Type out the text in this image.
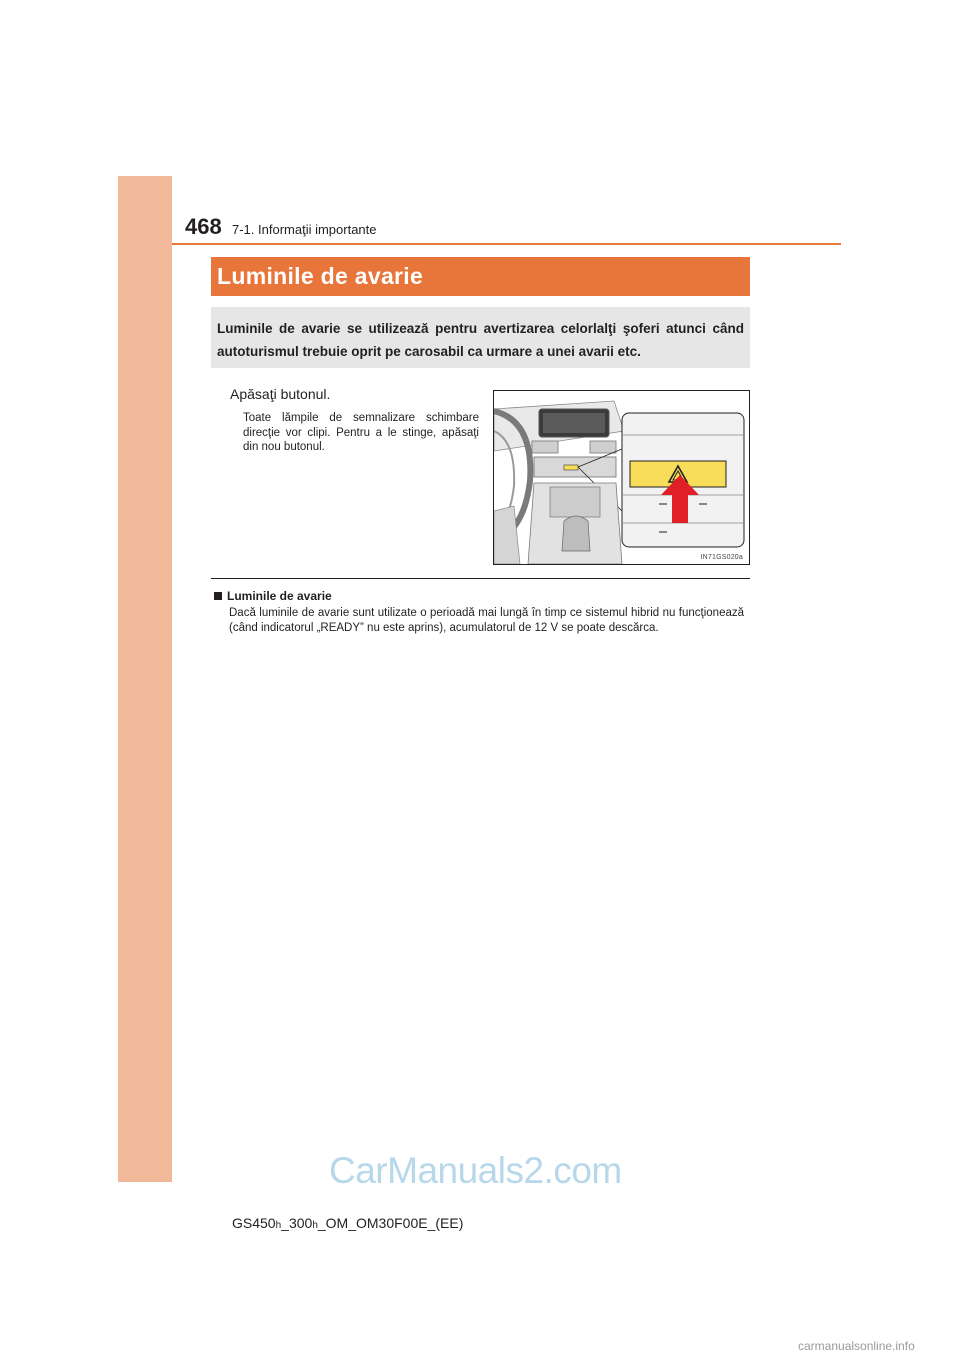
468 7-1. Informaţii importante
Luminile de avarie
Luminile de avarie se utilizează pentru avertizarea celorlalţi şoferi atunci când autoturismul trebuie oprit pe carosabil ca urmare a unei avarii etc.
Apăsaţi butonul.
Toate lămpile de semnalizare schimbare direcţie vor clipi. Pentru a le stinge, apăsaţi din nou butonul.
IN71GS020a
Luminile de avarie
Dacă luminile de avarie sunt utilizate o perioadă mai lungă în timp ce sistemul hibrid nu funcţionează (când indicatorul „READY” nu este aprins), acumulatorul de 12 V se poate descărca.
CarManuals2.com
GS450h_300h_OM_OM30F00E_(EE)
carmanualsonline.info
